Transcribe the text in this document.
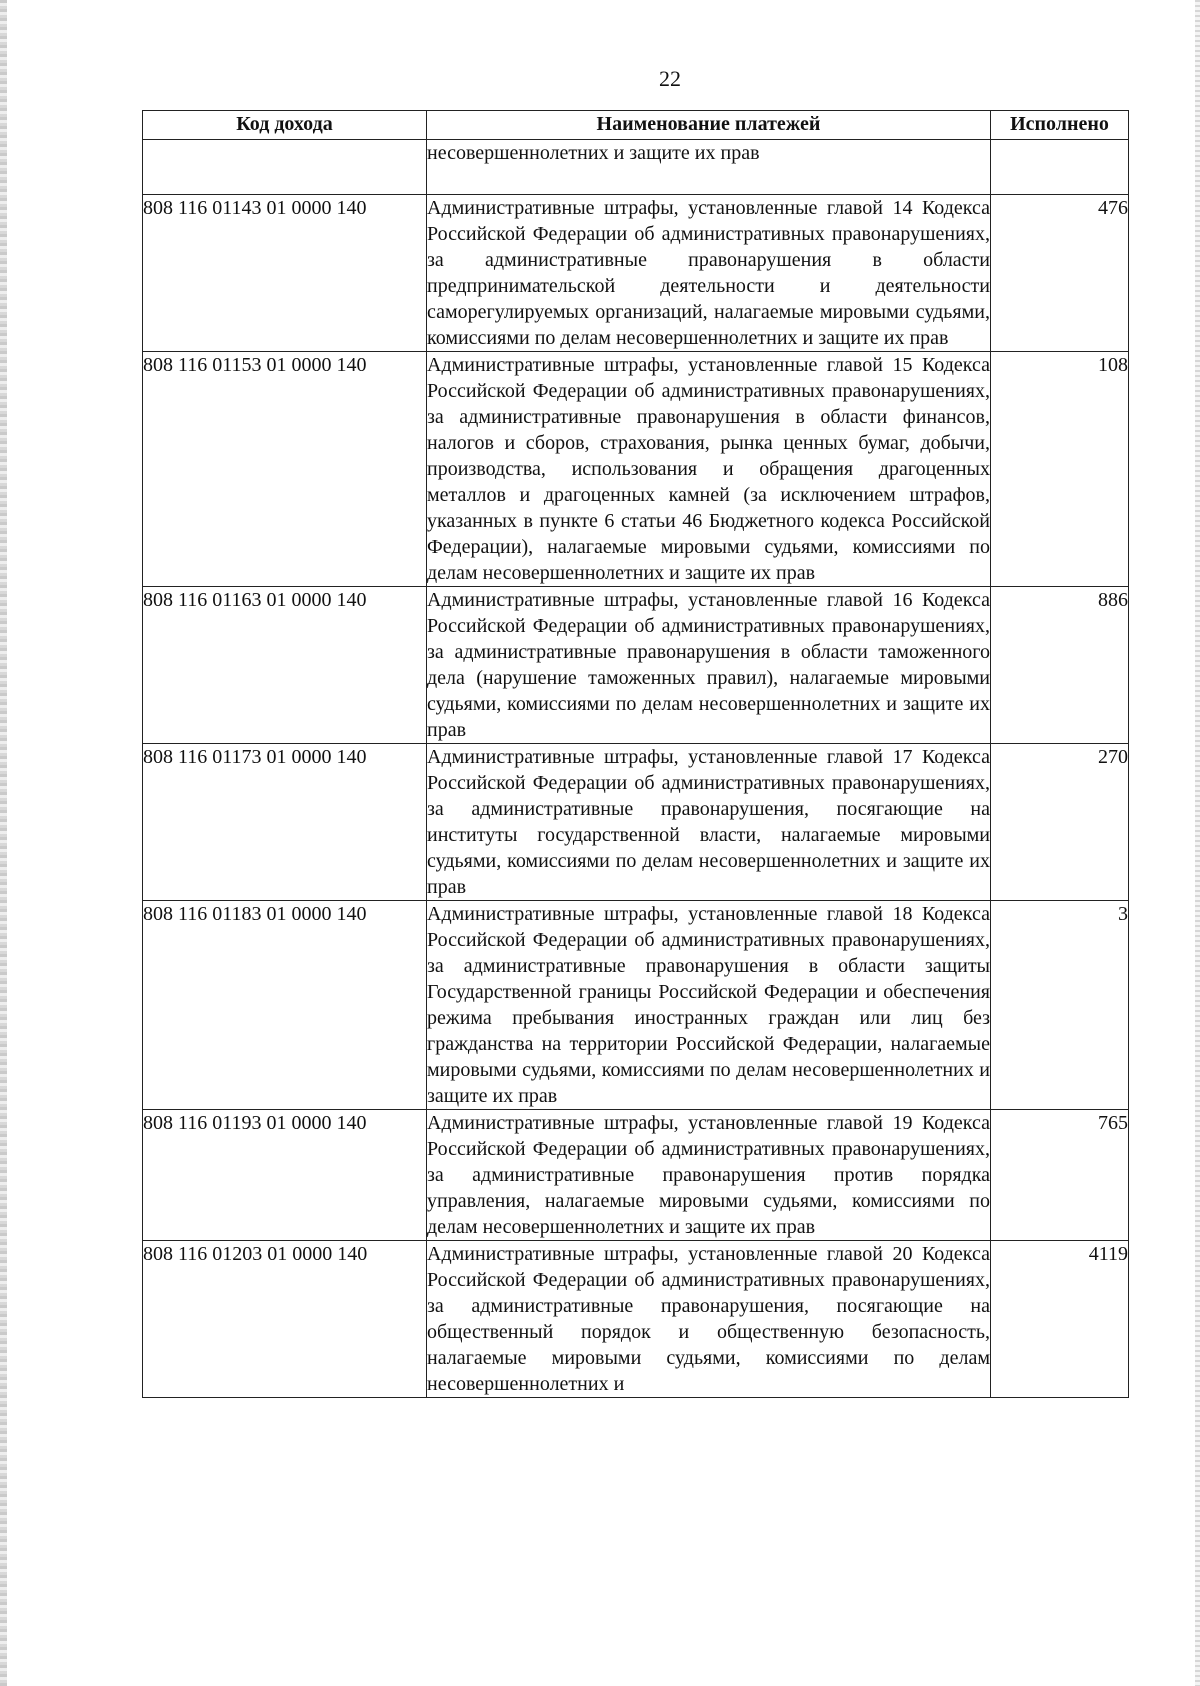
22
Код дохода	Наименование платежей	Исполнено
	несовершеннолетних и защите их прав	
808 116 01143 01 0000 140	Административные штрафы, установленные главой 14 Кодекса Российской Федерации об административных правонарушениях, за административные правонарушения в области предпринимательской деятельности и деятельности саморегулируемых организаций, налагаемые мировыми судьями, комиссиями по делам несовершеннолетних и защите их прав	476
808 116 01153 01 0000 140	Административные штрафы, установленные главой 15 Кодекса Российской Федерации об административных правонарушениях, за административные правонарушения в области финансов, налогов и сборов, страхования, рынка ценных бумаг, добычи, производства, использования и обращения драгоценных металлов и драгоценных камней (за исключением штрафов, указанных в пункте 6 статьи 46 Бюджетного кодекса Российской Федерации), налагаемые мировыми судьями, комиссиями по делам несовершеннолетних и защите их прав	108
808 116 01163 01 0000 140	Административные штрафы, установленные главой 16 Кодекса Российской Федерации об административных правонарушениях, за административные правонарушения в области таможенного дела (нарушение таможенных правил), налагаемые мировыми судьями, комиссиями по делам несовершеннолетних и защите их прав	886
808 116 01173 01 0000 140	Административные штрафы, установленные главой 17 Кодекса Российской Федерации об административных правонарушениях, за административные правонарушения, посягающие на институты государственной власти, налагаемые мировыми судьями, комиссиями по делам несовершеннолетних и защите их прав	270
808 116 01183 01 0000 140	Административные штрафы, установленные главой 18 Кодекса Российской Федерации об административных правонарушениях, за административные правонарушения в области защиты Государственной границы Российской Федерации и обеспечения режима пребывания иностранных граждан или лиц без гражданства на территории Российской Федерации, налагаемые мировыми судьями, комиссиями по делам несовершеннолетних и защите их прав	3
808 116 01193 01 0000 140	Административные штрафы, установленные главой 19 Кодекса Российской Федерации об административных правонарушениях, за административные правонарушения против порядка управления, налагаемые мировыми судьями, комиссиями по делам несовершеннолетних и защите их прав	765
808 116 01203 01 0000 140	Административные штрафы, установленные главой 20 Кодекса Российской Федерации об административных правонарушениях, за административные правонарушения, посягающие на общественный порядок и общественную безопасность, налагаемые мировыми судьями, комиссиями по делам несовершеннолетних и	4119
